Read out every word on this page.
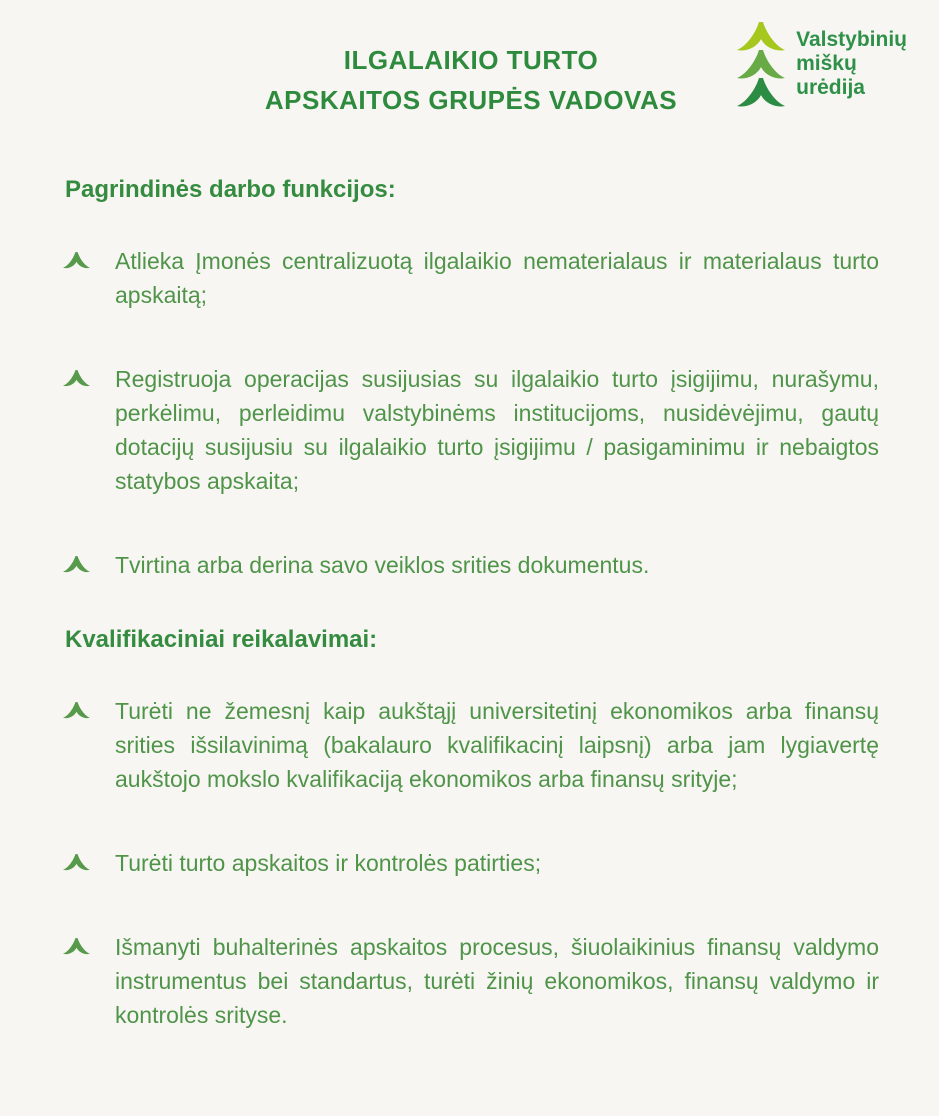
ILGALAIKIO TURTO
APSKAITOS GRUPĖS VADOVAS
Valstybinių
miškų
urėdija
Pagrindinės darbo funkcijos:

Atlieka Įmonės centralizuotą ilgalaikio nematerialaus ir materialaus turto apskaitą;

Registruoja operacijas susijusias su ilgalaikio turto įsigijimu, nurašymu, perkėlimu, perleidimu valstybinėms institucijoms, nusidėvėjimu, gautų dotacijų susijusiu su ilgalaikio turto įsigijimu / pasigaminimu ir nebaigtos statybos apskaita;

Tvirtina arba derina savo veiklos srities dokumentus.

Kvalifikaciniai reikalavimai:

Turėti ne žemesnį kaip aukštąjį universitetinį ekonomikos arba finansų srities išsilavinimą (bakalauro kvalifikacinį laipsnį) arba jam lygiavertę aukštojo mokslo kvalifikaciją ekonomikos arba finansų srityje;

Turėti turto apskaitos ir kontrolės patirties;

Išmanyti buhalterinės apskaitos procesus, šiuolaikinius finansų valdymo instrumentus bei standartus, turėti žinių ekonomikos, finansų valdymo ir kontrolės srityse.
